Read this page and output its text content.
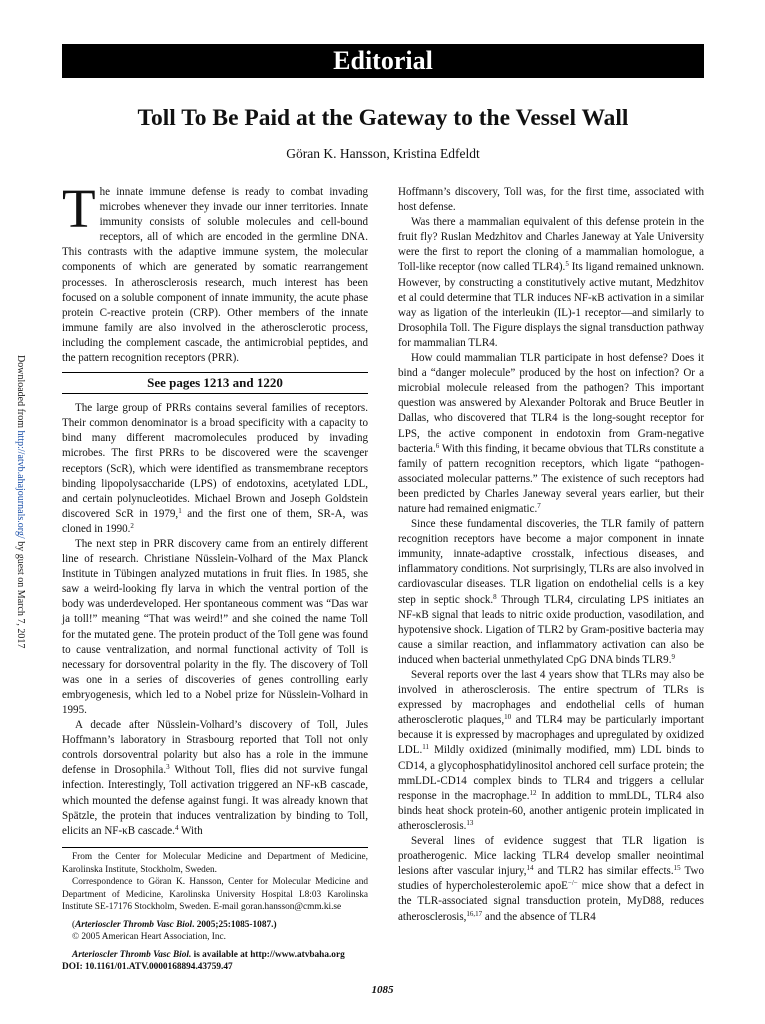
Editorial
Toll To Be Paid at the Gateway to the Vessel Wall
Göran K. Hansson, Kristina Edfeldt
Downloaded from http://atvb.ahajournals.org/ by guest on March 7, 2017

The innate immune defense is ready to combat invading microbes whenever they invade our inner territories. Innate immunity consists of soluble molecules and cell-bound receptors, all of which are encoded in the germline DNA. This contrasts with the adaptive immune system, the molecular components of which are generated by somatic rearrangement processes. In atherosclerosis research, much interest has been focused on a soluble component of innate immunity, the acute phase protein C-reactive protein (CRP). Other members of the innate immune family are also involved in the atherosclerotic process, including the complement cascade, the antimicrobial peptides, and the pattern recognition receptors (PRR).

See pages 1213 and 1220

The large group of PRRs contains several families of receptors. Their common denominator is a broad specificity with a capacity to bind many different macromolecules produced by invading microbes. The first PRRs to be discovered were the scavenger receptors (ScR), which were identified as transmembrane receptors binding lipopolysaccharide (LPS) of endotoxins, acetylated LDL, and certain polynucleotides. Michael Brown and Joseph Goldstein discovered ScR in 1979,$^1$ and the first one of them, SR-A, was cloned in 1990.$^2$

The next step in PRR discovery came from an entirely different line of research. Christiane Nüsslein-Volhard of the Max Planck Institute in Tübingen analyzed mutations in fruit flies. In 1985, she saw a weird-looking fly larva in which the ventral portion of the body was underdeveloped. Her spontaneous comment was “Das war ja toll!” meaning “That was weird!” and she coined the name Toll for the mutated gene. The protein product of the Toll gene was found to cause ventralization, and normal functional activity of Toll is necessary for dorsoventral polarity in the fly. The discovery of Toll was one in a series of discoveries of genes controlling early embryogenesis, which led to a Nobel prize for Nüsslein-Volhard in 1995.

A decade after Nüsslein-Volhard’s discovery of Toll, Jules Hoffmann’s laboratory in Strasbourg reported that Toll not only controls dorsoventral polarity but also has a role in the immune defense in Drosophila.$^3$ Without Toll, flies did not survive fungal infection. Interestingly, Toll activation triggered an NF-κB cascade, which mounted the defense against fungi. It was already known that Spätzle, the protein that induces ventralization by binding to Toll, elicits an NF-κB cascade.$^4$ With

From the Center for Molecular Medicine and Department of Medicine, Karolinska Institute, Stockholm, Sweden.

Correspondence to Göran K. Hansson, Center for Molecular Medicine and Department of Medicine, Karolinska University Hospital L8:03 Karolinska Institute SE-17176 Stockholm, Sweden. E-mail goran.hansson@cmm.ki.se

(Arterioscler Thromb Vasc Biol. 2005;25:1085-1087.)

© 2005 American Heart Association, Inc.

Arterioscler Thromb Vasc Biol. is available at http://www.atvbaha.org

DOI: 10.1161/01.ATV.0000168894.43759.47

Hoffmann’s discovery, Toll was, for the first time, associated with host defense.

Was there a mammalian equivalent of this defense protein in the fruit fly? Ruslan Medzhitov and Charles Janeway at Yale University were the first to report the cloning of a mammalian homologue, a Toll-like receptor (now called TLR4).$^5$ Its ligand remained unknown. However, by constructing a constitutively active mutant, Medzhitov et al could determine that TLR induces NF-κB activation in a similar way as ligation of the interleukin (IL)-1 receptor—and similarly to Drosophila Toll. The Figure displays the signal transduction pathway for mammalian TLR4.

How could mammalian TLR participate in host defense? Does it bind a “danger molecule” produced by the host on infection? Or a microbial molecule released from the pathogen? This important question was answered by Alexander Poltorak and Bruce Beutler in Dallas, who discovered that TLR4 is the long-sought receptor for LPS, the active component in endotoxin from Gram-negative bacteria.$^6$ With this finding, it became obvious that TLRs constitute a family of pattern recognition receptors, which ligate “pathogen-associated molecular patterns.” The existence of such receptors had been predicted by Charles Janeway several years earlier, but their nature had remained enigmatic.$^7$

Since these fundamental discoveries, the TLR family of pattern recognition receptors have become a major component in innate immunity, innate-adaptive crosstalk, infectious diseases, and inflammatory conditions. Not surprisingly, TLRs are also involved in cardiovascular diseases. TLR ligation on endothelial cells is a key step in septic shock.$^8$ Through TLR4, circulating LPS initiates an NF-κB signal that leads to nitric oxide production, vasodilation, and hypotensive shock. Ligation of TLR2 by Gram-positive bacteria may cause a similar reaction, and inflammatory activation can also be induced when bacterial unmethylated CpG DNA binds TLR9.$^9$

Several reports over the last 4 years show that TLRs may also be involved in atherosclerosis. The entire spectrum of TLRs is expressed by macrophages and endothelial cells of human atherosclerotic plaques,$^{10}$ and TLR4 may be particularly important because it is expressed by macrophages and upregulated by oxidized LDL.$^{11}$ Mildly oxidized (minimally modified, mm) LDL binds to CD14, a glycophosphatidylinositol anchored cell surface protein; the mmLDL-CD14 complex binds to TLR4 and triggers a cellular response in the macrophage.$^{12}$ In addition to mmLDL, TLR4 also binds heat shock protein-60, another antigenic protein implicated in atherosclerosis.$^{13}$

Several lines of evidence suggest that TLR ligation is proatherogenic. Mice lacking TLR4 develop smaller neointimal lesions after vascular injury,$^{14}$ and TLR2 has similar effects.$^{15}$ Two studies of hypercholesterolemic apoE−/− mice show that a defect in the TLR-associated signal transduction protein, MyD88, reduces atherosclerosis,$^{16,17}$ and the absence of TLR4

1085
